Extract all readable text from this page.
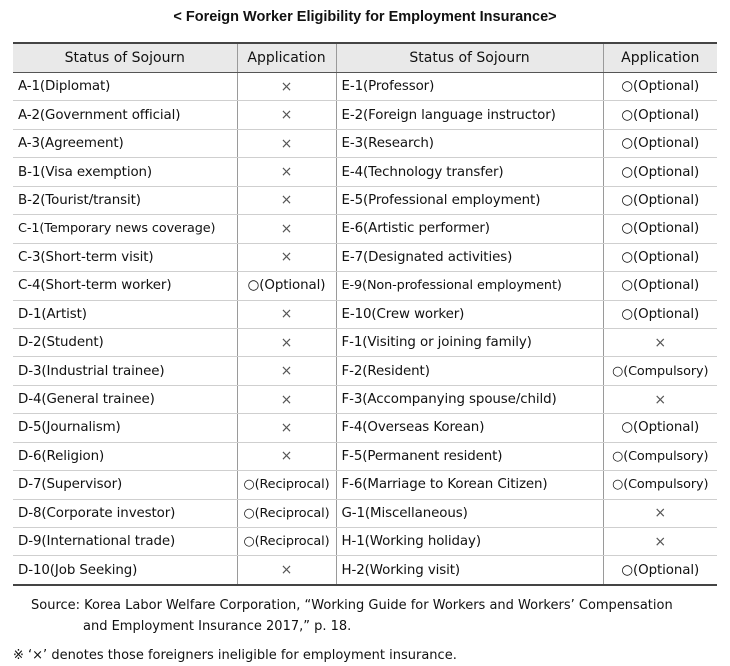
< Foreign Worker Eligibility for Employment Insurance>
Status of Sojourn	Application	Status of Sojourn	Application
A-1(Diplomat)	×	E-1(Professor)	○(Optional)
A-2(Government official)	×	E-2(Foreign language instructor)	○(Optional)
A-3(Agreement)	×	E-3(Research)	○(Optional)
B-1(Visa exemption)	×	E-4(Technology transfer)	○(Optional)
B-2(Tourist/transit)	×	E-5(Professional employment)	○(Optional)
C-1(Temporary news coverage)	×	E-6(Artistic performer)	○(Optional)
C-3(Short-term visit)	×	E-7(Designated activities)	○(Optional)
C-4(Short-term worker)	○(Optional)	E-9(Non-professional employment)	○(Optional)
D-1(Artist)	×	E-10(Crew worker)	○(Optional)
D-2(Student)	×	F-1(Visiting or joining family)	×
D-3(Industrial trainee)	×	F-2(Resident)	○(Compulsory)
D-4(General trainee)	×	F-3(Accompanying spouse/child)	×
D-5(Journalism)	×	F-4(Overseas Korean)	○(Optional)
D-6(Religion)	×	F-5(Permanent resident)	○(Compulsory)
D-7(Supervisor)	○(Reciprocal)	F-6(Marriage to Korean Citizen)	○(Compulsory)
D-8(Corporate investor)	○(Reciprocal)	G-1(Miscellaneous)	×
D-9(International trade)	○(Reciprocal)	H-1(Working holiday)	×
D-10(Job Seeking)	×	H-2(Working visit)	○(Optional)
Source: Korea Labor Welfare Corporation, “Working Guide for Workers and Workers’ Compensation
and Employment Insurance 2017,” p. 18.
※ ‘×’ denotes those foreigners ineligible for employment insurance.
